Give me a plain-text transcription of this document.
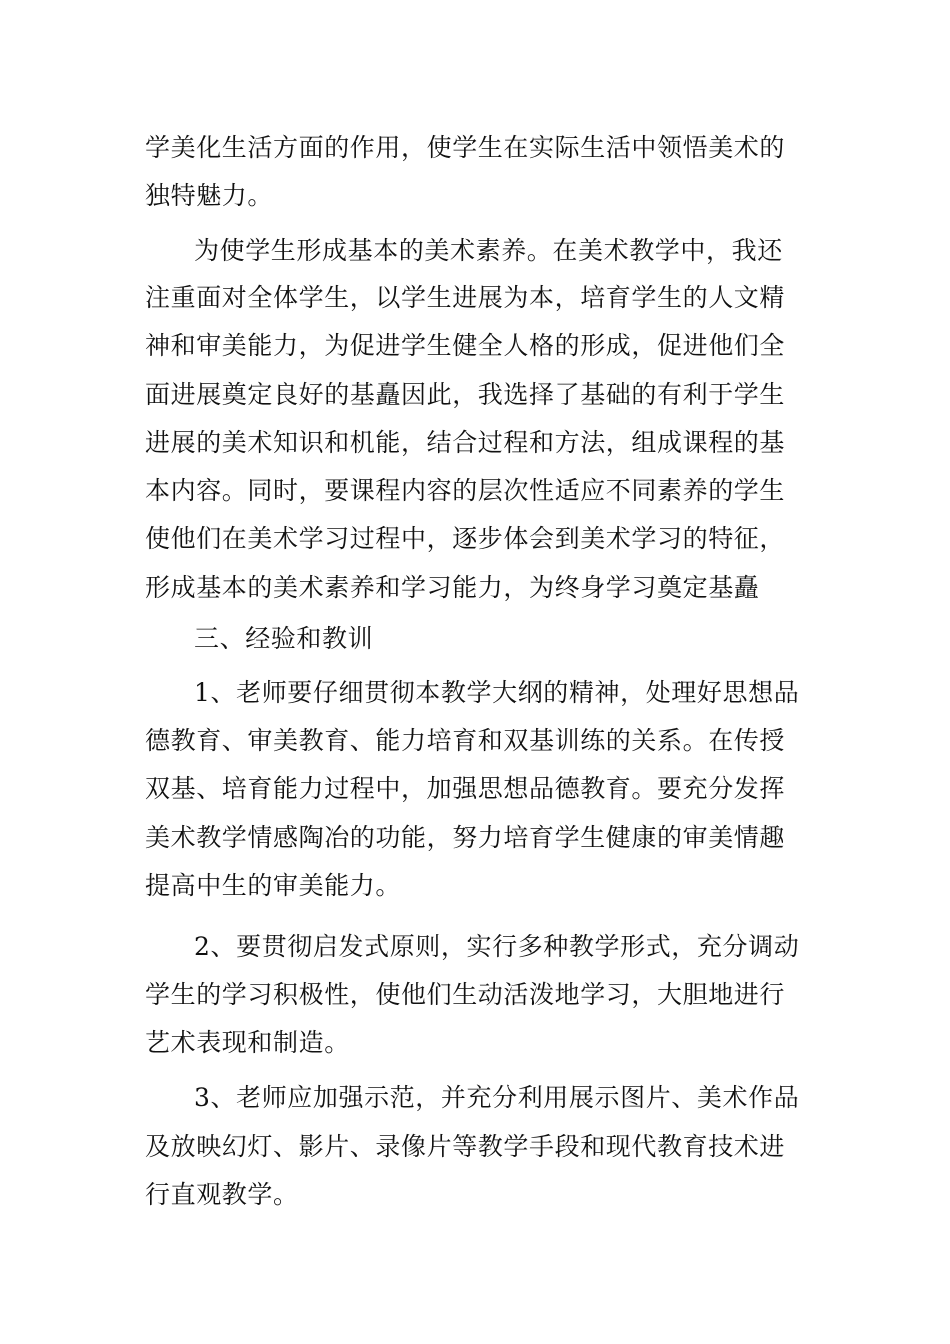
学美化生活方面的作用，使学生在实际生活中领悟美术的
独特魅力。
为使学生形成基本的美术素养。在美术教学中，我还
注重面对全体学生，以学生进展为本，培育学生的人文精
神和审美能力，为促进学生健全人格的形成，促进他们全
面进展奠定良好的基矗因此，我选择了基础的有利于学生
进展的美术知识和机能，结合过程和方法，组成课程的基
本内容。同时，要课程内容的层次性适应不同素养的学生
使他们在美术学习过程中，逐步体会到美术学习的特征，
形成基本的美术素养和学习能力，为终身学习奠定基矗
三、经验和教训
1、老师要仔细贯彻本教学大纲的精神，处理好思想品
德教育、审美教育、能力培育和双基训练的关系。在传授
双基、培育能力过程中，加强思想品德教育。要充分发挥
美术教学情感陶冶的功能，努力培育学生健康的审美情趣
提高中生的审美能力。
2、要贯彻启发式原则，实行多种教学形式，充分调动
学生的学习积极性，使他们生动活泼地学习，大胆地进行
艺术表现和制造。
3、老师应加强示范，并充分利用展示图片、美术作品
及放映幻灯、影片、录像片等教学手段和现代教育技术进
行直观教学。
